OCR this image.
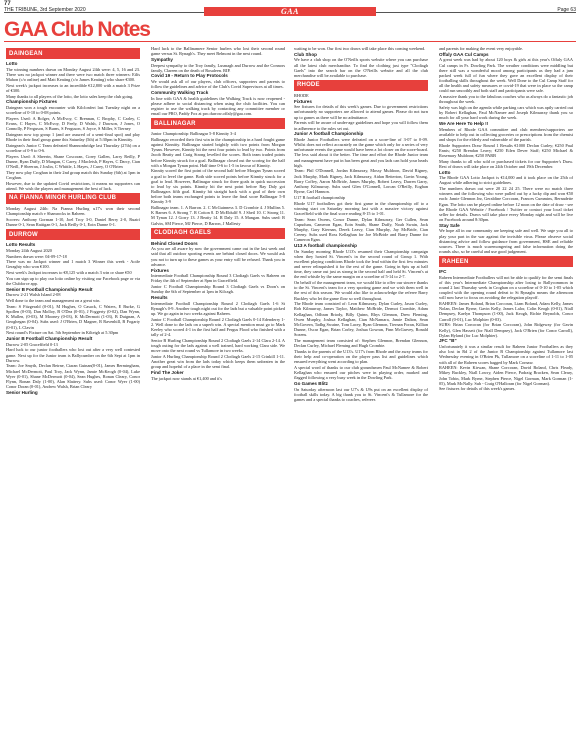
77
THE TRIBUNE, 3rd September 2020	GAA	Page 63
GAA Club Notes
DAINGEAN
Lotto

The winning numbers drawn on Monday August 24th were: 4, 5, 16 and 23. There was no jackpot winner and there were two match three winners: Eilís Mahon (c/o online) and Matt Keating (c/o James Keating) who share €300.

Next week's jackpot increases to an incredible €12,800 with a match 3 Prize of €300.

Many thanks to all players of the lotto, the lotto sales keep the club going.

Championship Fixtures

Daingean won a tough encounter with Kilclonfert last Tuesday night on a scoreline of 0-10 to 0-08 points.

Players Used: A Bolger, A McEvoy, C Brennan, C Brophy, C Carley, C Evans, C Hayes, C McEvoy, D Feely, D Walsh, J Dawson, J Jones, O Connolly, P Ferguson, S Burns, S Ferguson, S Joyce, S Miller, S Tierney

Daingean now top group 1 (and are assured of a semi-final spot) and play Rhode in their final group game this Saturday (5th) at 5:30pm in Kinnitty.

Daingean's Junior C Team defeated Shannonbridge last Thursday (27th) on a scoreline of 0-9 to 0-6.

Players Used: A Sheerin, Shane Coscoran, Corey Gallen, Larry Reilly, P Dunne, Ryan Duffy, D Mangan, C Carey, J Macleish, P Hayes, C Darcy, Cian O'Neill, P Sheeran, J Joslin, C Whittle, L Hayes, J Carey, O O'Brien

They now play Croghan in their 2nd group match this Sunday (6th) at 1pm in Croghan.

However, due to the updated Covid restrictions, it means no supporters can attend. We wish the players and management the best of luck.

NA FIANNA MINOR HURLING CLUB

Monday August 24th: Na Fianna Hurling u17's won their second Championship match v Shamrocks in Raheen.

Scorers: Anthony Gorman 1-10, Joel Troy 3-0, Daniel Berry 2-0, Ruairí Dunne 0-1, Sean Rattigan 0-1, Jack Reilly 0-1, Eoin Dunne 0-1.

DURROW
Lotto Results

Monday 24th August 2020

Numbers drawn were: 04-09-17-18

There was no Jackpot winner and 1 match 3 Winner this week - Aoife Geraghty who won €100.

Next week's Jackpot increases to €8,125 with a match 3 win or share €50

You can sign up to play our lotto online by visiting our Facebook page or via the Clubforce app.

Senior B Football Championship Result

Durrow 2-21 Walsh Island 2-08

Well done to the team and management on a great win.

Team: S Fitzgerald (0-01), M Hughes, O Casack, C Waters, E Burke, G Spollen (0-03), Dan Molloy, B O'Dea (0-01), J Foggerty (0-02), Dan Wynn, K Mullen, (0-03), M Mooney (0-03), K McDermott (1-03), B Duignan, A Geoghegan (0-04). Subs used: J O'Brien, D Magner, R Ravenhill, B Fogarty (0-01), L Clavin

Next round's Fixture on Sat. 5th September in Kilteigh at 5.30pm

Junior B Football Championship Result

Durrow 2-05 Graceffield 0-13

Hard luck to our junior footballers who lost out after a very well contested game. Next up for the Junior team is Ballycumber on the 6th Sept at 1pm in Durrow.

Team: Joe Smyth, Declan Beirne, Ciaran Guinan(0-01), James Bermingham, Michael McDermott, Paul Troy, Jack Wynn, Jamie McKeogh (0-04), Luke Wyer (0-01), Shane McDermott (0-04), Sean Hughes, Ronan Cleary, Conor Flynn, Ronan Daly (1-00), Alan Slattery. Subs used: Conor Wyer (1-00) Conor Doran (0-01), Andrew Walsh, Brian Cleary

Senior Hurling

Hard luck to the Ballinamere Senior hurlers who lost their second round game versus St. Rynagh's. They meet Belmont in the next round.

Sympathy

Deepest sympathy to the Troy family, Lusmagh and Durrow and the Connors family, Clareen on the death of Rosaleen. RIP.

Covid 19 - Return to Play Protocols

We would ask all of our players, club officers, supporters and parents to follow the guidelines and advice of the Club's Covid Supervisors at all times.

Community Walking Track

In line with GAA & health guidelines the Walking Track is now reopened - please adhere to social distancing when using the club facilities. You can register to use the walking track by contacting any committee member or email our PRO, Paddy Fox at pro.durrow.offaly@gaa.com.

BALLINAGAR

Junior Championship: Ballinagar 5-8 Kinnity 3-4

Ballinagar recorded their first win in the championship in a hard fought game against Kinnitty. Ballinagar started brightly with two points from Morgan Tynan. However, Kinnity hit the next four points to lead by two. Points from Jacob Beatty and Craig Strong levelled the scores. Both team traded points before Kinnity struck for a goal. Ballinagar closed out the scoring for the half with a Morgan Tynan point. Half time 0-6 to 1-5 in favour of Kinnity.

Kinnity scored the first point of the second half before Morgan Tynan scored a goal to level the game. Both side scored points before Kinnity struck for a goal to lead. However, Ballinagar struck for three goals in quick succession to lead by six points. Kinnity hit the next point before Ray Daly got Ballinagars fifth goal. Kinnity hit straight back with a goal of their own before both teams exchanged points to leave the final score Ballinagar 5-8 Kinnity 3-9

Ballinagar team. 1. A Barron. 2. C McGuinness 3. D Crombie 4. J Mullins 5. K Barnes 6. A Strong 7. R Cotton 8. D McEldulff 9. J Sheil 10. C Strong 11. M Tynan 12. J Gorry 13. J Beatty 14. R Daly 15. A Mangan. Subs used: R Galvin, SM Pierce, MJ Pierce, D Barron, J Mallesty

CLODIAGH GAELS
Behind Closed Doors

As you are all aware by now the government came out in the last week and said that all outdoor sporting events are behind closed doors. We would ask you not to turn up to these games as your entry will be refused. Thank you in advance.

Fixtures

Intermediate Football Championship Round 3 Clodiagh Gaels vs Raheen on Friday the 4th of September at 8pm in Graceffield.

Junior C Football Championship Round 3 Clodiagh Gaels vs Doon's on Sunday the 6th of September at 1pm in Kilcagh.

Results

Intermediate Football Championship Round 2 Clodiagh Gaels 1-6 St Rynagh's 0-9. Another tough night out for the lads but a valuable point picked up. We go again in two weeks against Raheen.

Junior C Football Championship Round 2 Clodiagh Gaels 0-14 Edenderry 1-2. Well done to the lads on a superb win. A special mention must go to Mark Keeley who scored 4-1 in the first half and Fergus Flood who finished with a tally of 2-4.

Senior B Hurling Championship Round 2 Clodiagh Gaels 2-14 Clara 2-14. A tough outing for the lads against a well trained, hard working Clara side. We move onto the next round vs Tullamore in two weeks.

Junior A Hurling Championship Round 2 Clodiagh Gaels 2-15 Crinkill 1-11. Another great win from the lads today which keeps them unbeaten in the group and hopeful of a place in the semi final.

Find The Joker

The jackpot now stands at €1,400 and it's

waiting to be won. Our first two draws will take place this coming weekend.

Club Shop

We have a club shop on the O'Neills sports website where you can purchase all the latest club merchandise. To find the clothing just type "Clodiagh Gaels" into the search bar on the O'Neills website and all the club merchandise will be available to purchase.

RHODE

RHODE

Fixtures

See fixtures for details of this week's games. Due to government restrictions unfortunately no supporters are allowed to attend games. Please do not turn up to games as there will be no admittance.

Parents will be aware of under-age guidelines and hope you will follow them in adherence to the rules set out.

Junior A football Championship

Rhode Junior Footballers were defeated on a score-line of 3-07 to 0-09. Whilst does not reflect accurately on the game which only for a series of very unfortunate events the game would have been a lot closer on the score-board. The less said about it the better. The time and effort the Rhode Junior team and management have put in has been great and you lads can hold your heads high.

Team: Phil O'Donnell, Jordan Kilmurray, Mossy Muldoon, David Rigney, Jack Murphy, Mark Rigney, Jack Kilmurray, Aidan Betterton, Gavin Young, Barry Coffey, Aaron McBride, James Murphy, Robert Leavy, Darren Garry, Anthony Kilmurray. Subs used Glen O'Connell, Lorcan O'Reilly, Eoghan Byrne, Carl Hannon.

U17 B football championship

Rhode U17 footballers got their first game in the championship off to a winning start on Saturday morning last with a massive victory against Graceffield with the final score reading 8-15 to 1-01.

Team: Sean Owens, Conor Dunne, Dylan Kilmurray, Ger Cullen, Sean Cupuduru, Cameron Egan, Eoin Smith, Shane Duffy, Noah Swain, Jack Murphy, Gary Kiernan, Derek Leavy, Cian Murphy, Jay McBride, Cian Creeny. Subs used Ross Kellaghan for Joe McBride and Barry Dunne for Cameron Egan.

U13 A football championship

On Sunday morning Rhode U13's resumed their Championship campaign when they hosted St. Vincent's in the second round of Group 1. With excellent playing conditions Rhode took the lead within the first few minutes and never relinquished it for the rest of the game. Going in 6pts up at half time, they came out just as strong in the second half and held St. Vincent's at the end whistle by the same margin on a scoreline of 5-14 to 2-7.

On behalf of the management team, we would like to offer our sincere thanks to the St. Vincent's team for a very sporting game and we wish them well in the rest of this season. We would also like to acknowledge the referee Barry Buckley who let the game flow so well throughout.

The Rhode team consisted of: Leon Kilmurray, Dylan Curley, Jason Curley, Rob Kilmurray, James Taylor, Matthew McBride, Dermot Crombie, Adam Kellaghan, Odhran Briody, Billy Quinn, Rhys Glennon, Drew Fleming, Owen Murphy, Joshua Kellaghan, Cian McNamara, Jamie Dalton, Sean McGovern, Tadhg Swaine, Tom Lacey, Ryan Glennon, Tiernan Foran, Killian Dunne, Oscar Egan, Brian Corley, Joshua Gowran, Finn McGarvey, Ronald Sozens.

The management team consisted of: Stephen Glennon, Brendan Glennon, Declan Curley, Michael Fleming and Hugh Crombie.

Thanks to the parents of the U13's. U17's from Rhode and the away teams for their help and co-operation on the player pass list and guidelines which ensured everything went according to plan.

A special word of thanks to our club groundsmen Paul McNamee & Robert Kellaghan who ensured our pitches were in playing order, marked and flagged following a very busy week in the Dowling Park.

Go Games Blitz

On Saturday afternoon last our U7's & U9s put on an excellent display of football skills today. A big thank you to St. Vincent's & Tullamore for the games and a special thanks to coaches, referees

and parents for making the event very enjoyable.

Offaly GAA Cul Camps

A great week was had by about 120 boys & girls at this year's Offaly GAA Cul camps in Fr. Dowling Park. The weather conditions were middling but there still was a wonderful mood among participants as they had a jam packed week full of fun where they gave an excellent display of their footballing skills throughout the week. Well Done to the Cul Camp Staff for all the health and safety measures re covid-19 that were in place so the camp could run smoothly and both staff and participants were safe.

A massive thank you to the fabulous coaches who as always do a fantastic job throughout the week.

Safety was high on the agenda while parking cars which was aptly carried out by Robert Kellaghan, Paul McNamee and Joseph Kilmurray thank you so much for all your hard work during the week.

We Are Here To Help !!

Members of Rhode GAA committee and club members/supporters are available to help out in collecting groceries or prescriptions from the chemist and shops for the elderly and vulnerable of the parish.

Rhode Supporters Draw Round 1 Results €1000 Declan Curley; €250 Paul Ennis; €250 Brendan Leavy; €250 Eilen Dever Staff; €250 Michael & Rosemary Muldoon; €250 PARB

Many thanks to all who sold or purchased tickets for our Supporter's Draw. Rest of draws will take place on 24th October and 19th December.

Lotto

The Rhode GAA Lotto Jackpot is €14,000 and it took place on the 25th of August while adhering to strict guidelines.

The numbers drawn out were 20 22 24 25. There were no match three winners and the following who were pulled out by a lucky dip and won €50 each: Jamie Glennon Jnr, Geraldine Corcoran, Frances Cummins, Bernadette Egan. The lotto can be played online before 12 noon on the date of draw - see the Rhode GAA Website / Facebook / Twitter or contact your local ticket seller for details. Draws will take place every Monday night and will be live on Facebook around 8:30pm.

Stay Safe

We hope all in our community are keeping safe and well. We urge you all to play your part in the war against the invisible virus. Please observe social distancing advice and follow guidance from government, HSE and reliable sources. There is much scaremongering and false information doing the rounds also, so be careful and use good judgement.

RAHEEN
IFC

Raheen Intermediate Footballers will not be able to qualify for the semi finals of this year's Intermediate Championship after losing to Ballycommon in round 2 last Thursday week in Croghan on a scoreline of 0-10 to 1-05 which coupled with the opening round defeat to St Rynaghs means the afternoon will now have to focus on avoiding the relegation playoff.

RAHEEN: James Boland, Brian Corcoran, Liam Boland, Adam Kelly, James Nolan, Declan Byrne, Gavin Kelly, James Lalor, Colin Keogh (0-01), Niall Dempsey, Kaelyn Thompson (1-00), Jack Keogh, Richie Reynolds, Conor Carroll (0-01), Luc Molphier (0-03).

SUBS: Brian Corcoran (for Brian Corcoran), John Ridgeway (for Gavin Kelly), Glen Hassett (for Niall Dempsey), Jack O'Brien (for Conor Carroll), Dylan Hyland (for Luc Molphier).

JFC "B"

Unfortunately it was a similar result for Raheen Junior Footballers as they also lost in Rd 2 of the Junior B Championship against Tullamore last Wednesday evening in O'Brien Pk, Tullamore on a scoreline of 1-11 to 1-05 with all of the Raheen scores bagged by Mark Cornaw.

RAHEEN: Kevin Kirwan, Shane Corcoran, David Boland, Chris Fleady, Mikey Buckley, Niall Lowry, Aiden Pierce, Padraig Bracken, Sean Cleary, John Tobin, Mark Byrne, Stephen Pierce, Nigel Gorman, Mark Gorman (1-05), Mark McNally. Sub - Craig O'Halloran (for Nigel Gorman).

See fixtures for details of this week's games.
